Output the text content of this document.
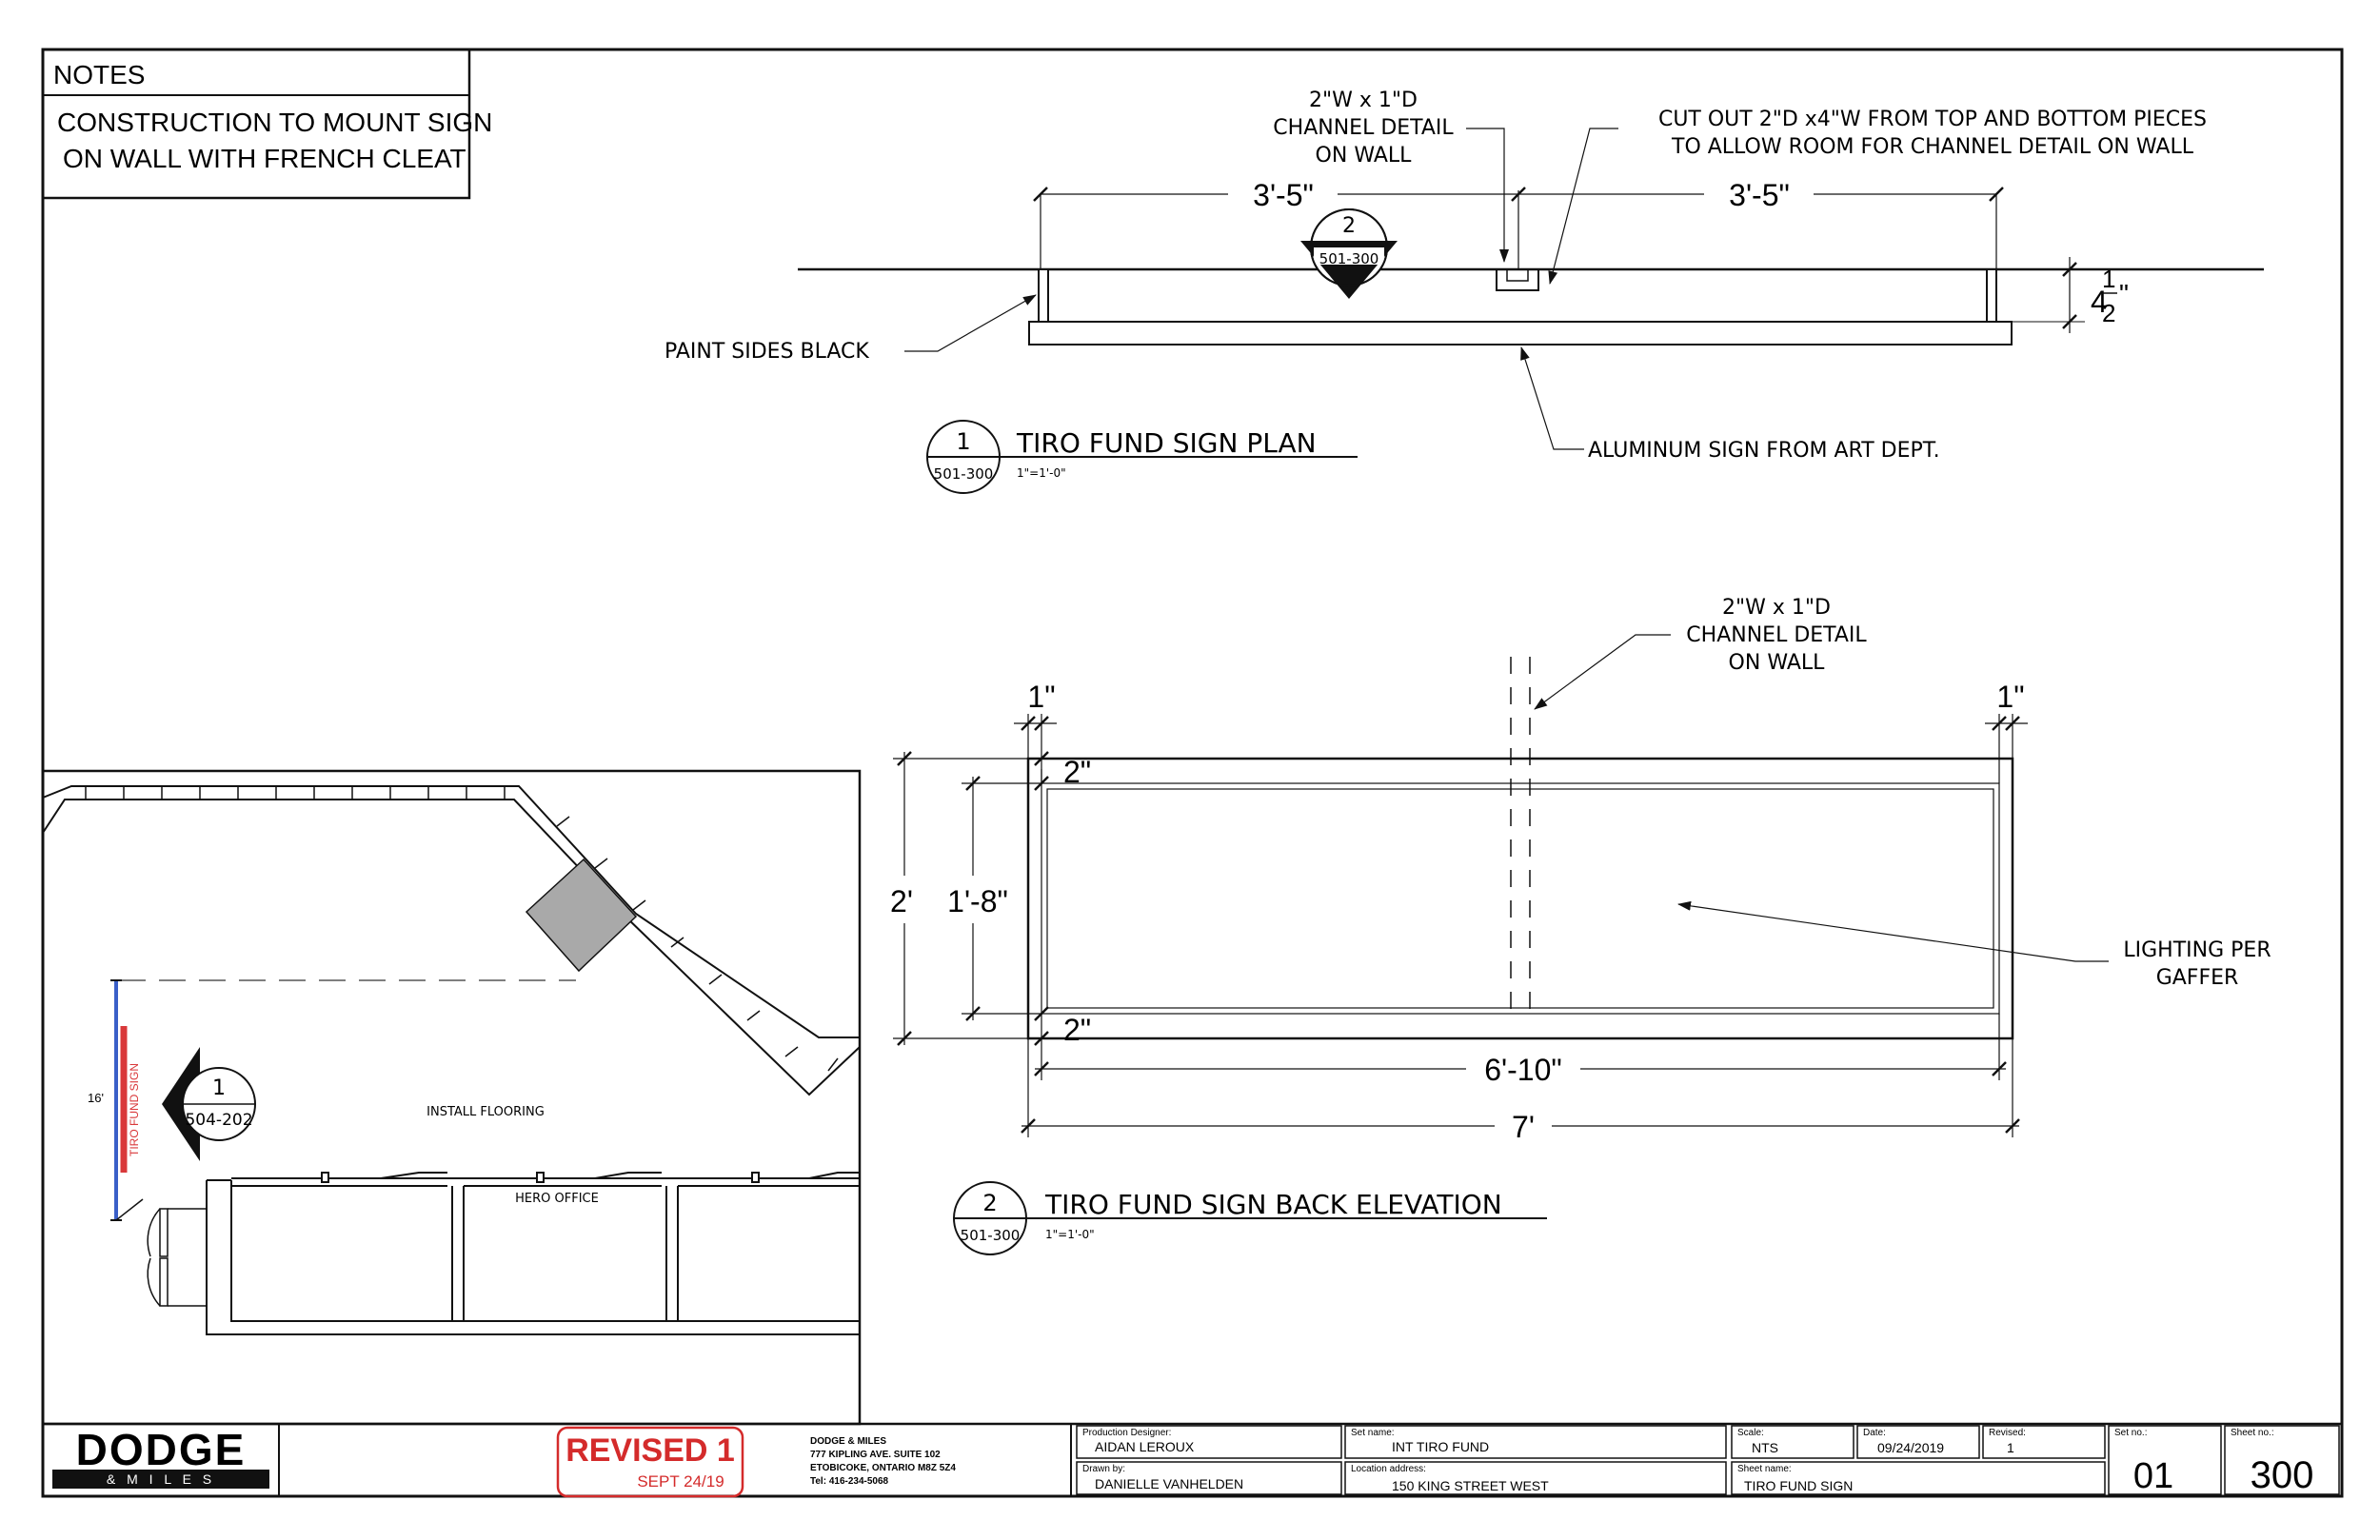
NOTES
CONSTRUCTION TO MOUNT SIGN
ON WALL WITH FRENCH CLEAT
3'-5"	3'-5"
4
1
2
"
2
501-300
2"W x 1"D
CHANNEL DETAIL
ON WALL
CUT OUT 2"D x4"W FROM TOP AND BOTTOM PIECES
TO ALLOW ROOM FOR CHANNEL DETAIL ON WALL
PAINT SIDES BLACK
ALUMINUM SIGN FROM ART DEPT.
1
501-300
TIRO FUND SIGN PLAN
1"=1'-0"
2"W x 1"D
CHANNEL DETAIL
ON WALL
1"	1"
2' 1'-8"
2"
2"
6'-10"
7'
LIGHTING PER
GAFFER
2
501-300
TIRO FUND SIGN BACK ELEVATION
1"=1'-0"
TIRO FUND SIGN
16'	1
504-202	INSTALL FLOORING
HERO OFFICE
DODGE
& M I L E S
REVISED 1
SEPT 24/19
DODGE & MILES
777 KIPLING AVE. SUITE 102
ETOBICOKE, ONTARIO M8Z 5Z4
Tel: 416-234-5068
Production Designer:
AIDAN LEROUX
Drawn by:
DANIELLE VANHELDEN
Set name:
INT TIRO FUND
Location address:
150 KING STREET WEST
Scale:
NTS
Date:
09/24/2019
Revised:
1
Sheet name:
TIRO FUND SIGN
Set no.:
01
Sheet no.:
300
